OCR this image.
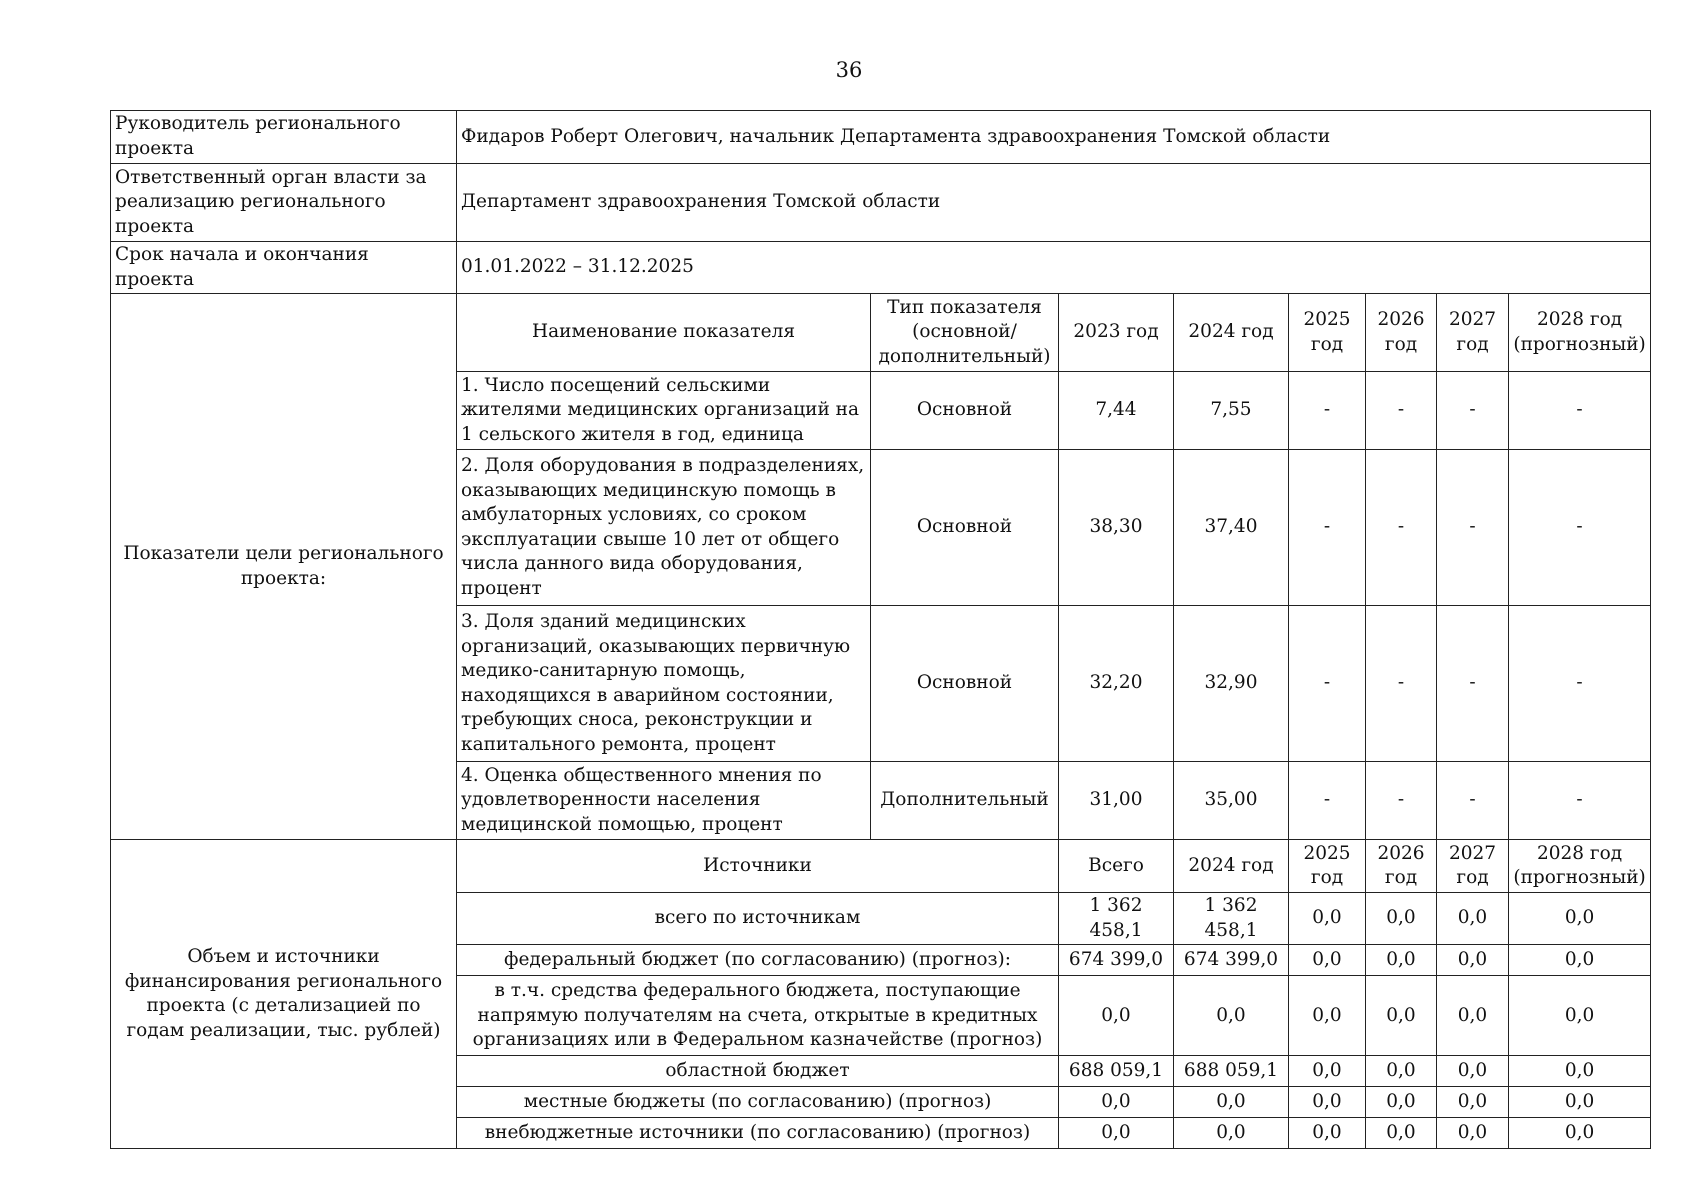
36
Руководитель регионального проекта	Фидаров Роберт Олегович, начальник Департамента здравоохранения Томской области							
Ответственный орган власти за реализацию регионального проекта	Департамент здравоохранения Томской области							
Срок начала и окончания проекта	01.01.2022 – 31.12.2025							
Показатели цели регионального проекта:	Наименование показателя	Тип показателя (основной/ дополнительный)	2023 год	2024 год	2025 год	2026 год	2027 год	2028 год (прогнозный)
	1. Число посещений сельскими жителями медицинских организаций на 1 сельского жителя в год, единица	Основной	7,44	7,55	-	-	-	-
	2. Доля оборудования в подразделениях, оказывающих медицинскую помощь в амбулаторных условиях, со сроком эксплуатации свыше 10 лет от общего числа данного вида оборудования, процент	Основной	38,30	37,40	-	-	-	-
	3. Доля зданий медицинских организаций, оказывающих первичную медико-санитарную помощь, находящихся в аварийном состоянии, требующих сноса, реконструкции и капитального ремонта, процент	Основной	32,20	32,90	-	-	-	-
	4. Оценка общественного мнения по удовлетворенности населения медицинской помощью, процент	Дополнительный	31,00	35,00	-	-	-	-
Объем и источники финансирования регионального проекта (с детализацией по годам реализации, тыс. рублей)	Источники		Всего	2024 год	2025 год	2026 год	2027 год	2028 год (прогнозный)
	всего по источникам		1 362 458,1	1 362 458,1	0,0	0,0	0,0	0,0
	федеральный бюджет (по согласованию) (прогноз):		674 399,0	674 399,0	0,0	0,0	0,0	0,0
	в т.ч. средства федерального бюджета, поступающие напрямую получателям на счета, открытые в кредитных организациях или в Федеральном казначействе (прогноз)		0,0	0,0	0,0	0,0	0,0	0,0
	областной бюджет		688 059,1	688 059,1	0,0	0,0	0,0	0,0
	местные бюджеты (по согласованию) (прогноз)		0,0	0,0	0,0	0,0	0,0	0,0
	внебюджетные источники (по согласованию) (прогноз)		0,0	0,0	0,0	0,0	0,0	0,0
